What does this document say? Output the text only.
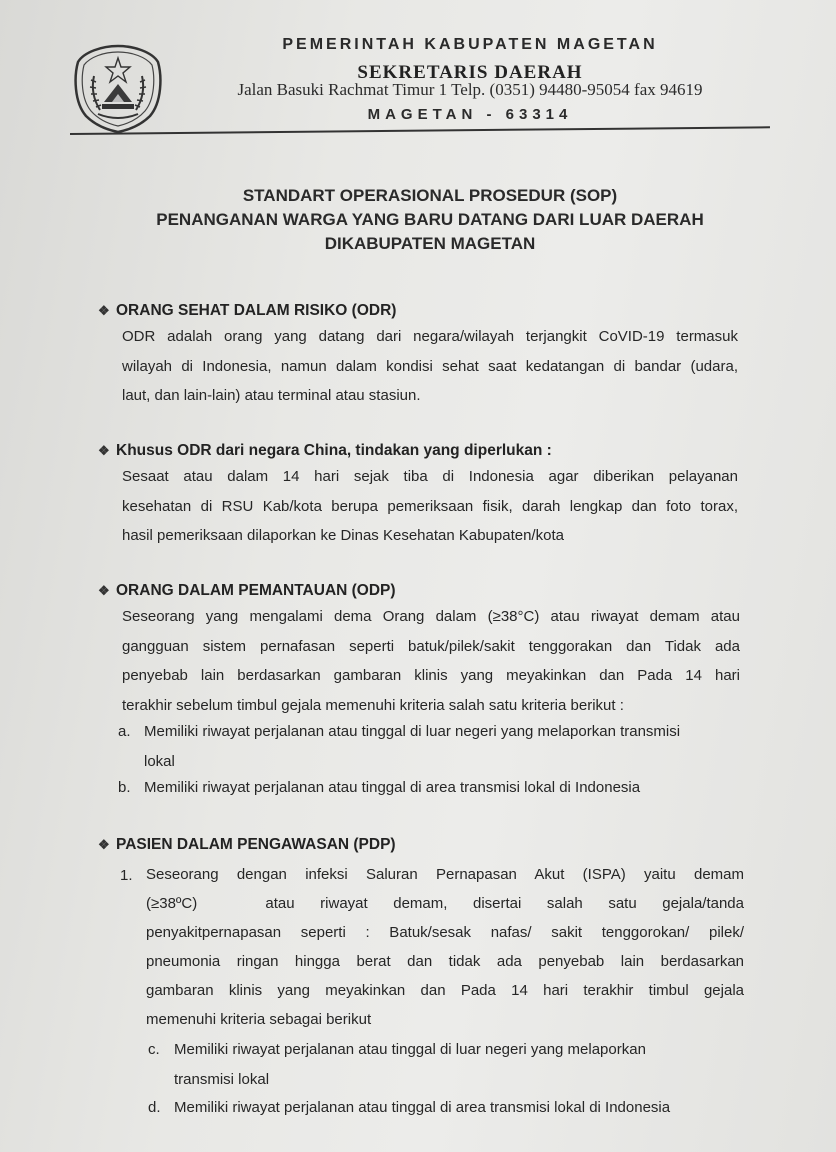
PEMERINTAH KABUPATEN MAGETAN
SEKRETARIS DAERAH
Jalan Basuki Rachmat Timur 1 Telp. (0351) 94480-95054 fax 94619
MAGETAN - 63314
STANDART OPERASIONAL PROSEDUR (SOP)
PENANGANAN WARGA YANG BARU DATANG DARI LUAR DAERAH
DIKABUPATEN MAGETAN
❖ ORANG SEHAT DALAM RISIKO (ODR)
ODR adalah orang yang datang dari negara/wilayah terjangkit CoVID-19 termasuk
wilayah di Indonesia, namun dalam kondisi sehat saat kedatangan di bandar (udara,
laut, dan lain-lain) atau terminal atau stasiun.
❖ Khusus ODR dari negara China, tindakan yang diperlukan :
Sesaat atau dalam 14 hari sejak tiba di Indonesia agar diberikan pelayanan
kesehatan di RSU Kab/kota berupa pemeriksaan fisik, darah lengkap dan foto torax,
hasil pemeriksaan dilaporkan ke Dinas Kesehatan Kabupaten/kota
❖ ORANG DALAM PEMANTAUAN (ODP)
Seseorang yang mengalami dema Orang dalam (≥38°C) atau riwayat demam atau
gangguan sistem pernafasan seperti batuk/pilek/sakit tenggorakan dan Tidak ada
penyebab lain berdasarkan gambaran klinis yang meyakinkan dan Pada 14 hari
terakhir sebelum timbul gejala memenuhi kriteria salah satu kriteria berikut :
a. Memiliki riwayat perjalanan atau tinggal di luar negeri yang melaporkan transmisi
lokal
b. Memiliki riwayat perjalanan atau tinggal di area transmisi lokal di Indonesia
❖ PASIEN DALAM PENGAWASAN (PDP)
1. Seseorang dengan infeksi Saluran Pernapasan Akut (ISPA) yaitu demam
(≥38ºC)        atau   riwayat   demam,   disertai   salah   satu   gejala/tanda
penyakitpernapasan seperti : Batuk/sesak nafas/ sakit tenggorokan/ pilek/
pneumonia ringan hingga berat dan tidak ada penyebab lain berdasarkan
gambaran klinis yang meyakinkan dan Pada 14 hari terakhir timbul gejala
memenuhi kriteria sebagai berikut
c. Memiliki riwayat perjalanan atau tinggal di luar negeri yang melaporkan
transmisi lokal
d. Memiliki riwayat perjalanan atau tinggal di area transmisi lokal di Indonesia
